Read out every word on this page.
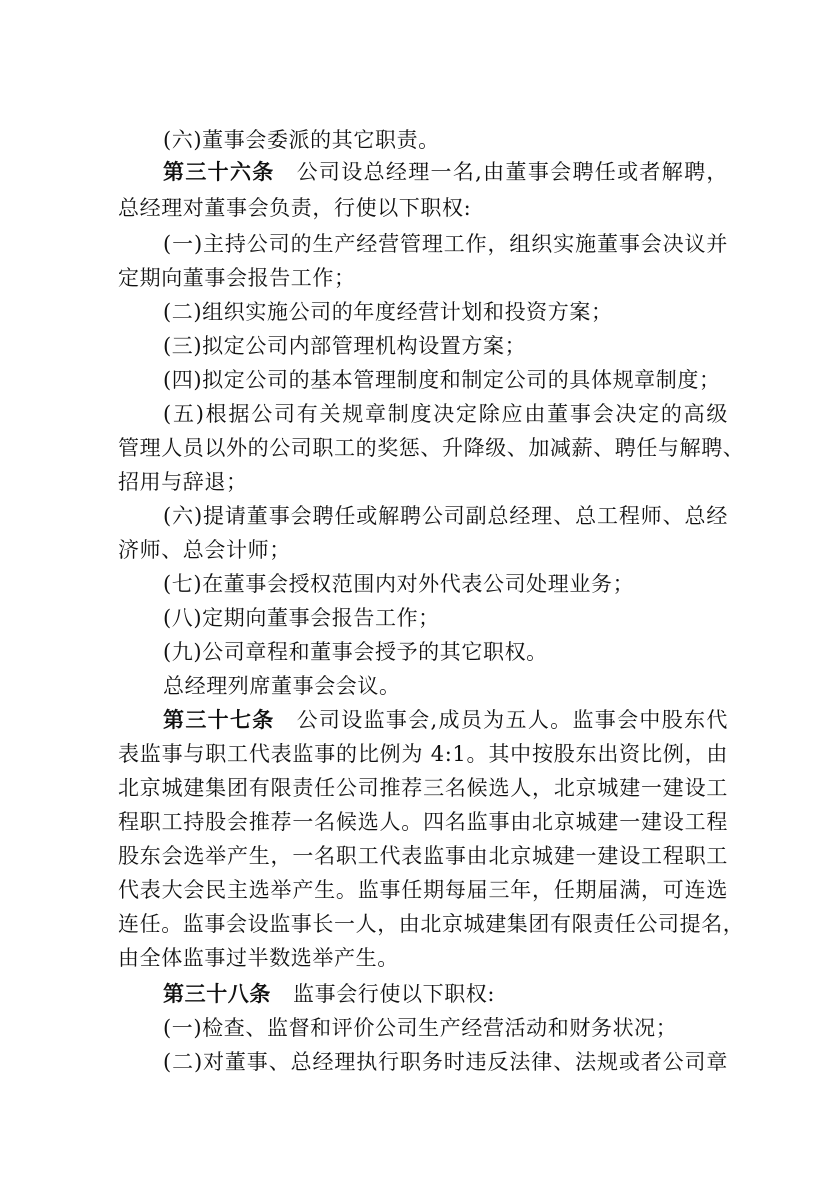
(六)董事会委派的其它职责。
第三十六条 公司设总经理一名,由董事会聘任或者解聘，
总经理对董事会负责，行使以下职权:
(一)主持公司的生产经营管理工作，组织实施董事会决议并
定期向董事会报告工作；
(二)组织实施公司的年度经营计划和投资方案；
(三)拟定公司内部管理机构设置方案；
(四)拟定公司的基本管理制度和制定公司的具体规章制度；
(五)根据公司有关规章制度决定除应由董事会决定的高级
管理人员以外的公司职工的奖惩、升降级、加减薪、聘任与解聘、
招用与辞退；
(六)提请董事会聘任或解聘公司副总经理、总工程师、总经
济师、总会计师；
(七)在董事会授权范围内对外代表公司处理业务；
(八)定期向董事会报告工作；
(九)公司章程和董事会授予的其它职权。
总经理列席董事会会议。
第三十七条 公司设监事会,成员为五人。监事会中股东代
表监事与职工代表监事的比例为 4:1。其中按股东出资比例，由
北京城建集团有限责任公司推荐三名候选人，北京城建一建设工
程职工持股会推荐一名候选人。四名监事由北京城建一建设工程
股东会选举产生，一名职工代表监事由北京城建一建设工程职工
代表大会民主选举产生。监事任期每届三年，任期届满，可连选
连任。监事会设监事长一人，由北京城建集团有限责任公司提名，
由全体监事过半数选举产生。
第三十八条 监事会行使以下职权:
(一)检查、监督和评价公司生产经营活动和财务状况；
(二)对董事、总经理执行职务时违反法律、法规或者公司章
